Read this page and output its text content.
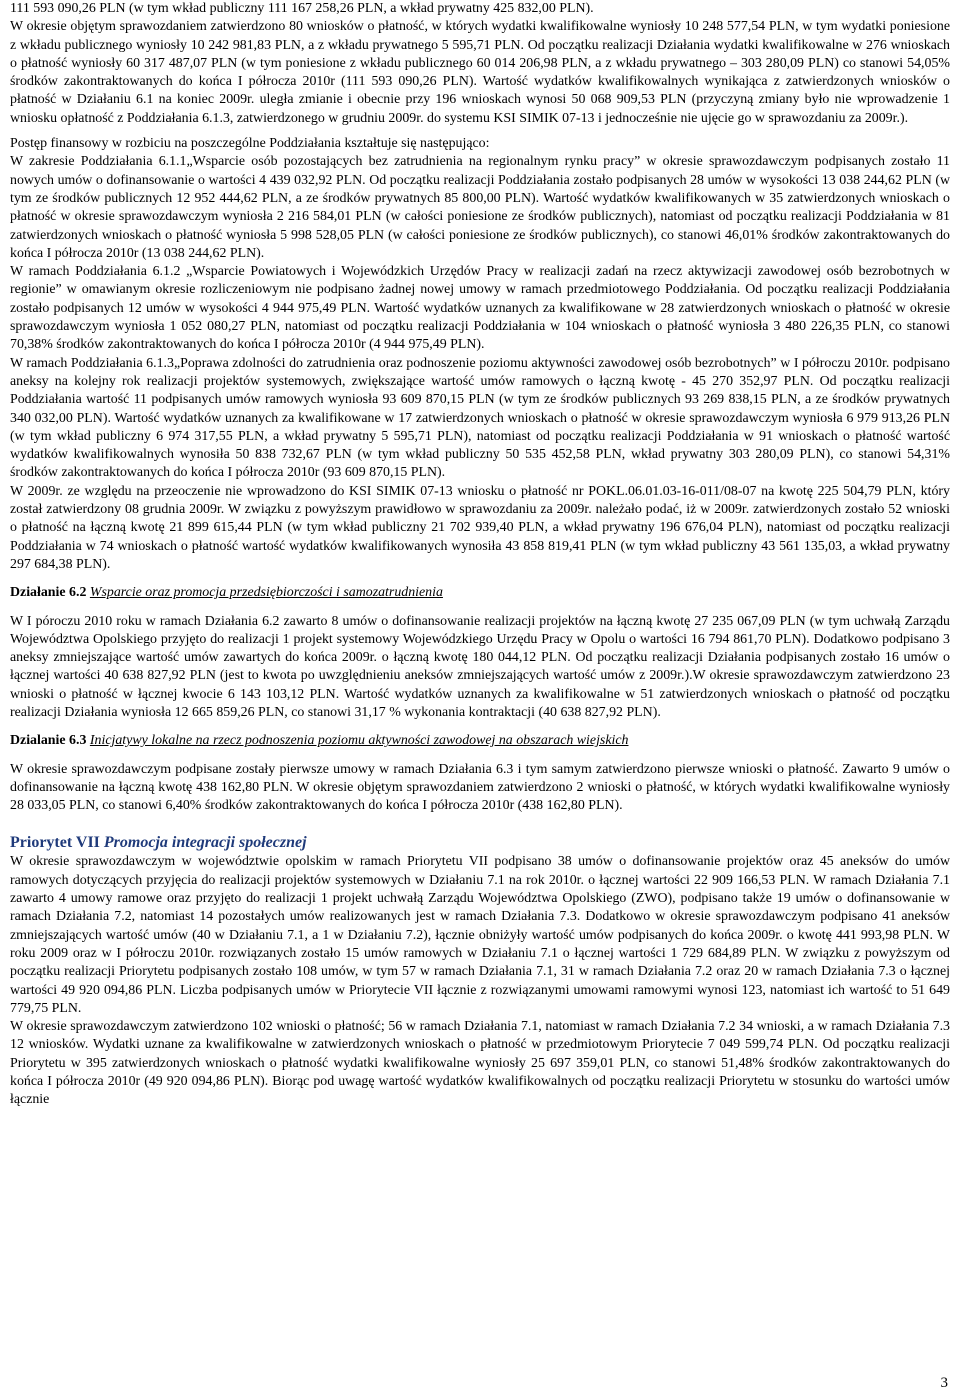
111 593 090,26 PLN (w tym wkład publiczny 111 167 258,26 PLN, a wkład prywatny 425 832,00 PLN).

W okresie objętym sprawozdaniem zatwierdzono 80 wniosków o płatność, w których wydatki kwalifikowalne wyniosły 10 248 577,54 PLN, w tym wydatki poniesione z wkładu publicznego wyniosły 10 242 981,83 PLN, a z wkładu prywatnego 5 595,71 PLN. Od początku realizacji Działania wydatki kwalifikowalne w 276 wnioskach o płatność wyniosły 60 317 487,07 PLN (w tym poniesione z wkładu publicznego 60 014 206,98 PLN, a z wkładu prywatnego – 303 280,09 PLN) co stanowi 54,05% środków zakontraktowanych do końca I półrocza 2010r (111 593 090,26 PLN). Wartość wydatków kwalifikowalnych wynikająca z zatwierdzonych wniosków o płatność w Działaniu 6.1 na koniec 2009r. uległa zmianie i obecnie przy 196 wnioskach wynosi 50 068 909,53 PLN (przyczyną zmiany było nie wprowadzenie 1 wniosku opłatność z Poddziałania 6.1.3, zatwierdzonego w grudniu 2009r. do systemu KSI SIMIK 07-13 i jednocześnie nie ujęcie go w sprawozdaniu za 2009r.).

Postęp finansowy w rozbiciu na poszczególne Poddziałania kształtuje się następująco:

W zakresie Poddziałania 6.1.1„Wsparcie osób pozostających bez zatrudnienia na regionalnym rynku pracy” w okresie sprawozdawczym podpisanych zostało 11 nowych umów o dofinansowanie o wartości 4 439 032,92 PLN. Od początku realizacji Poddziałania zostało podpisanych 28 umów w wysokości 13 038 244,62 PLN (w tym ze środków publicznych 12 952 444,62 PLN, a ze środków prywatnych 85 800,00 PLN). Wartość wydatków kwalifikowanych w 35 zatwierdzonych wnioskach o płatność w okresie sprawozdawczym wyniosła 2 216 584,01 PLN (w całości poniesione ze środków publicznych), natomiast od początku realizacji Poddziałania w 81 zatwierdzonych wnioskach o płatność wyniosła 5 998 528,05 PLN (w całości poniesione ze środków publicznych), co stanowi 46,01% środków zakontraktowanych do końca I półrocza 2010r (13 038 244,62 PLN).

W ramach Poddziałania 6.1.2 „Wsparcie Powiatowych i Wojewódzkich Urzędów Pracy w realizacji zadań na rzecz aktywizacji zawodowej osób bezrobotnych w regionie” w omawianym okresie rozliczeniowym nie podpisano żadnej nowej umowy w ramach przedmiotowego Poddziałania. Od początku realizacji Poddziałania zostało podpisanych 12 umów w wysokości 4 944 975,49 PLN. Wartość wydatków uznanych za kwalifikowane w 28 zatwierdzonych wnioskach o płatność w okresie sprawozdawczym wyniosła 1 052 080,27 PLN, natomiast od początku realizacji Poddziałania w 104 wnioskach o płatność wyniosła 3 480 226,35 PLN, co stanowi 70,38% środków zakontraktowanych do końca I półrocza 2010r (4 944 975,49 PLN).

W ramach Poddziałania 6.1.3„Poprawa zdolności do zatrudnienia oraz podnoszenie poziomu aktywności zawodowej osób bezrobotnych” w I półroczu 2010r. podpisano aneksy na kolejny rok realizacji projektów systemowych, zwiększające wartość umów ramowych o łączną kwotę - 45 270 352,97 PLN. Od początku realizacji Poddziałania wartość 11 podpisanych umów ramowych wyniosła 93 609 870,15 PLN (w tym ze środków publicznych 93 269 838,15 PLN, a ze środków prywatnych 340 032,00 PLN). Wartość wydatków uznanych za kwalifikowane w 17 zatwierdzonych wnioskach o płatność w okresie sprawozdawczym wyniosła 6 979 913,26 PLN (w tym wkład publiczny 6 974 317,55 PLN, a wkład prywatny 5 595,71 PLN), natomiast od początku realizacji Poddziałania w 91 wnioskach o płatność wartość wydatków kwalifikowalnych wynosiła 50 838 732,67 PLN (w tym wkład publiczny 50 535 452,58 PLN, wkład prywatny 303 280,09 PLN), co stanowi 54,31% środków zakontraktowanych do końca I półrocza 2010r (93 609 870,15 PLN).

W 2009r. ze względu na przeoczenie nie wprowadzono do KSI SIMIK 07-13 wniosku o płatność nr POKL.06.01.03-16-011/08-07 na kwotę 225 504,79 PLN, który został zatwierdzony 08 grudnia 2009r. W związku z powyższym prawidłowo w sprawozdaniu za 2009r. należało podać, iż w 2009r. zatwierdzonych zostało 52 wnioski o płatność na łączną kwotę 21 899 615,44 PLN (w tym wkład publiczny 21 702 939,40 PLN, a wkład prywatny 196 676,04 PLN), natomiast od początku realizacji Poddziałania w 74 wnioskach o płatność wartość wydatków kwalifikowanych wynosiła 43 858 819,41 PLN (w tym wkład publiczny 43 561 135,03, a wkład prywatny 297 684,38 PLN).

Działanie 6.2 Wsparcie oraz promocja przedsiębiorczości i samozatrudnienia

W I póroczu 2010 roku w ramach Działania 6.2 zawarto 8 umów o dofinansowanie realizacji projektów na łączną kwotę 27 235 067,09 PLN (w tym uchwałą Zarządu Województwa Opolskiego przyjęto do realizacji 1 projekt systemowy Wojewódzkiego Urzędu Pracy w Opolu o wartości 16 794 861,70 PLN). Dodatkowo podpisano 3 aneksy zmniejszające wartość umów zawartych do końca 2009r. o łączną kwotę 180 044,12 PLN. Od początku realizacji Działania podpisanych zostało 16 umów o łącznej wartości 40 638 827,92 PLN (jest to kwota po uwzględnieniu aneksów zmniejszających wartość umów z 2009r.).W okresie sprawozdawczym zatwierdzono 23 wnioski o płatność w łącznej kwocie 6 143 103,12 PLN. Wartość wydatków uznanych za kwalifikowalne w 51 zatwierdzonych wnioskach o płatność od początku realizacji Działania wyniosła 12 665 859,26 PLN, co stanowi 31,17 % wykonania kontraktacji (40 638 827,92 PLN).

Dzialanie 6.3 Inicjatywy lokalne na rzecz podnoszenia poziomu aktywności zawodowej na obszarach wiejskich

W okresie sprawozdawczym podpisane zostały pierwsze umowy w ramach Działania 6.3 i tym samym zatwierdzono pierwsze wnioski o płatność. Zawarto 9 umów o dofinansowanie na łączną kwotę 438 162,80 PLN. W okresie objętym sprawozdaniem zatwierdzono 2 wnioski o płatność, w których wydatki kwalifikowalne wyniosły 28 033,05 PLN, co stanowi 6,40% środków zakontraktowanych do końca I półrocza 2010r (438 162,80 PLN).

Priorytet VII Promocja integracji społecznej

W okresie sprawozdawczym w województwie opolskim w ramach Priorytetu VII podpisano 38 umów o dofinansowanie projektów oraz 45 aneksów do umów ramowych dotyczących przyjęcia do realizacji projektów systemowych w Działaniu 7.1 na rok 2010r. o łącznej wartości 22 909 166,53 PLN. W ramach Działania 7.1 zawarto 4 umowy ramowe oraz przyjęto do realizacji 1 projekt uchwałą Zarządu Województwa Opolskiego (ZWO), podpisano także 19 umów o dofinansowanie w ramach Działania 7.2, natomiast 14 pozostałych umów realizowanych jest w ramach Działania 7.3. Dodatkowo w okresie sprawozdawczym podpisano 41 aneksów zmniejszających wartość umów (40 w Działaniu 7.1, a 1 w Działaniu 7.2), łącznie obniżyły wartość umów podpisanych do końca 2009r. o kwotę 441 993,98 PLN. W roku 2009 oraz w I półroczu 2010r. rozwiązanych zostało 15 umów ramowych w Działaniu 7.1 o łącznej wartości 1 729 684,89 PLN. W związku z powyższym od początku realizacji Priorytetu podpisanych zostało 108 umów, w tym 57 w ramach Działania 7.1, 31 w ramach Działania 7.2 oraz 20 w ramach Działania 7.3 o łącznej wartości 49 920 094,86 PLN. Liczba podpisanych umów w Priorytecie VII łącznie z rozwiązanymi umowami ramowymi wynosi 123, natomiast ich wartość to 51 649 779,75 PLN.

W okresie sprawozdawczym zatwierdzono 102 wnioski o płatność; 56 w ramach Działania 7.1, natomiast w ramach Działania 7.2 34 wnioski, a w ramach Działania 7.3 12 wniosków. Wydatki uznane za kwalifikowalne w zatwierdzonych wnioskach o płatność w przedmiotowym Priorytecie 7 049 599,74 PLN. Od początku realizacji Priorytetu w 395 zatwierdzonych wnioskach o płatność wydatki kwalifikowalne wyniosły 25 697 359,01 PLN, co stanowi 51,48% środków zakontraktowanych do końca I półrocza 2010r (49 920 094,86 PLN). Biorąc pod uwagę wartość wydatków kwalifikowalnych od początku realizacji Priorytetu w stosunku do wartości umów łącznie

3
